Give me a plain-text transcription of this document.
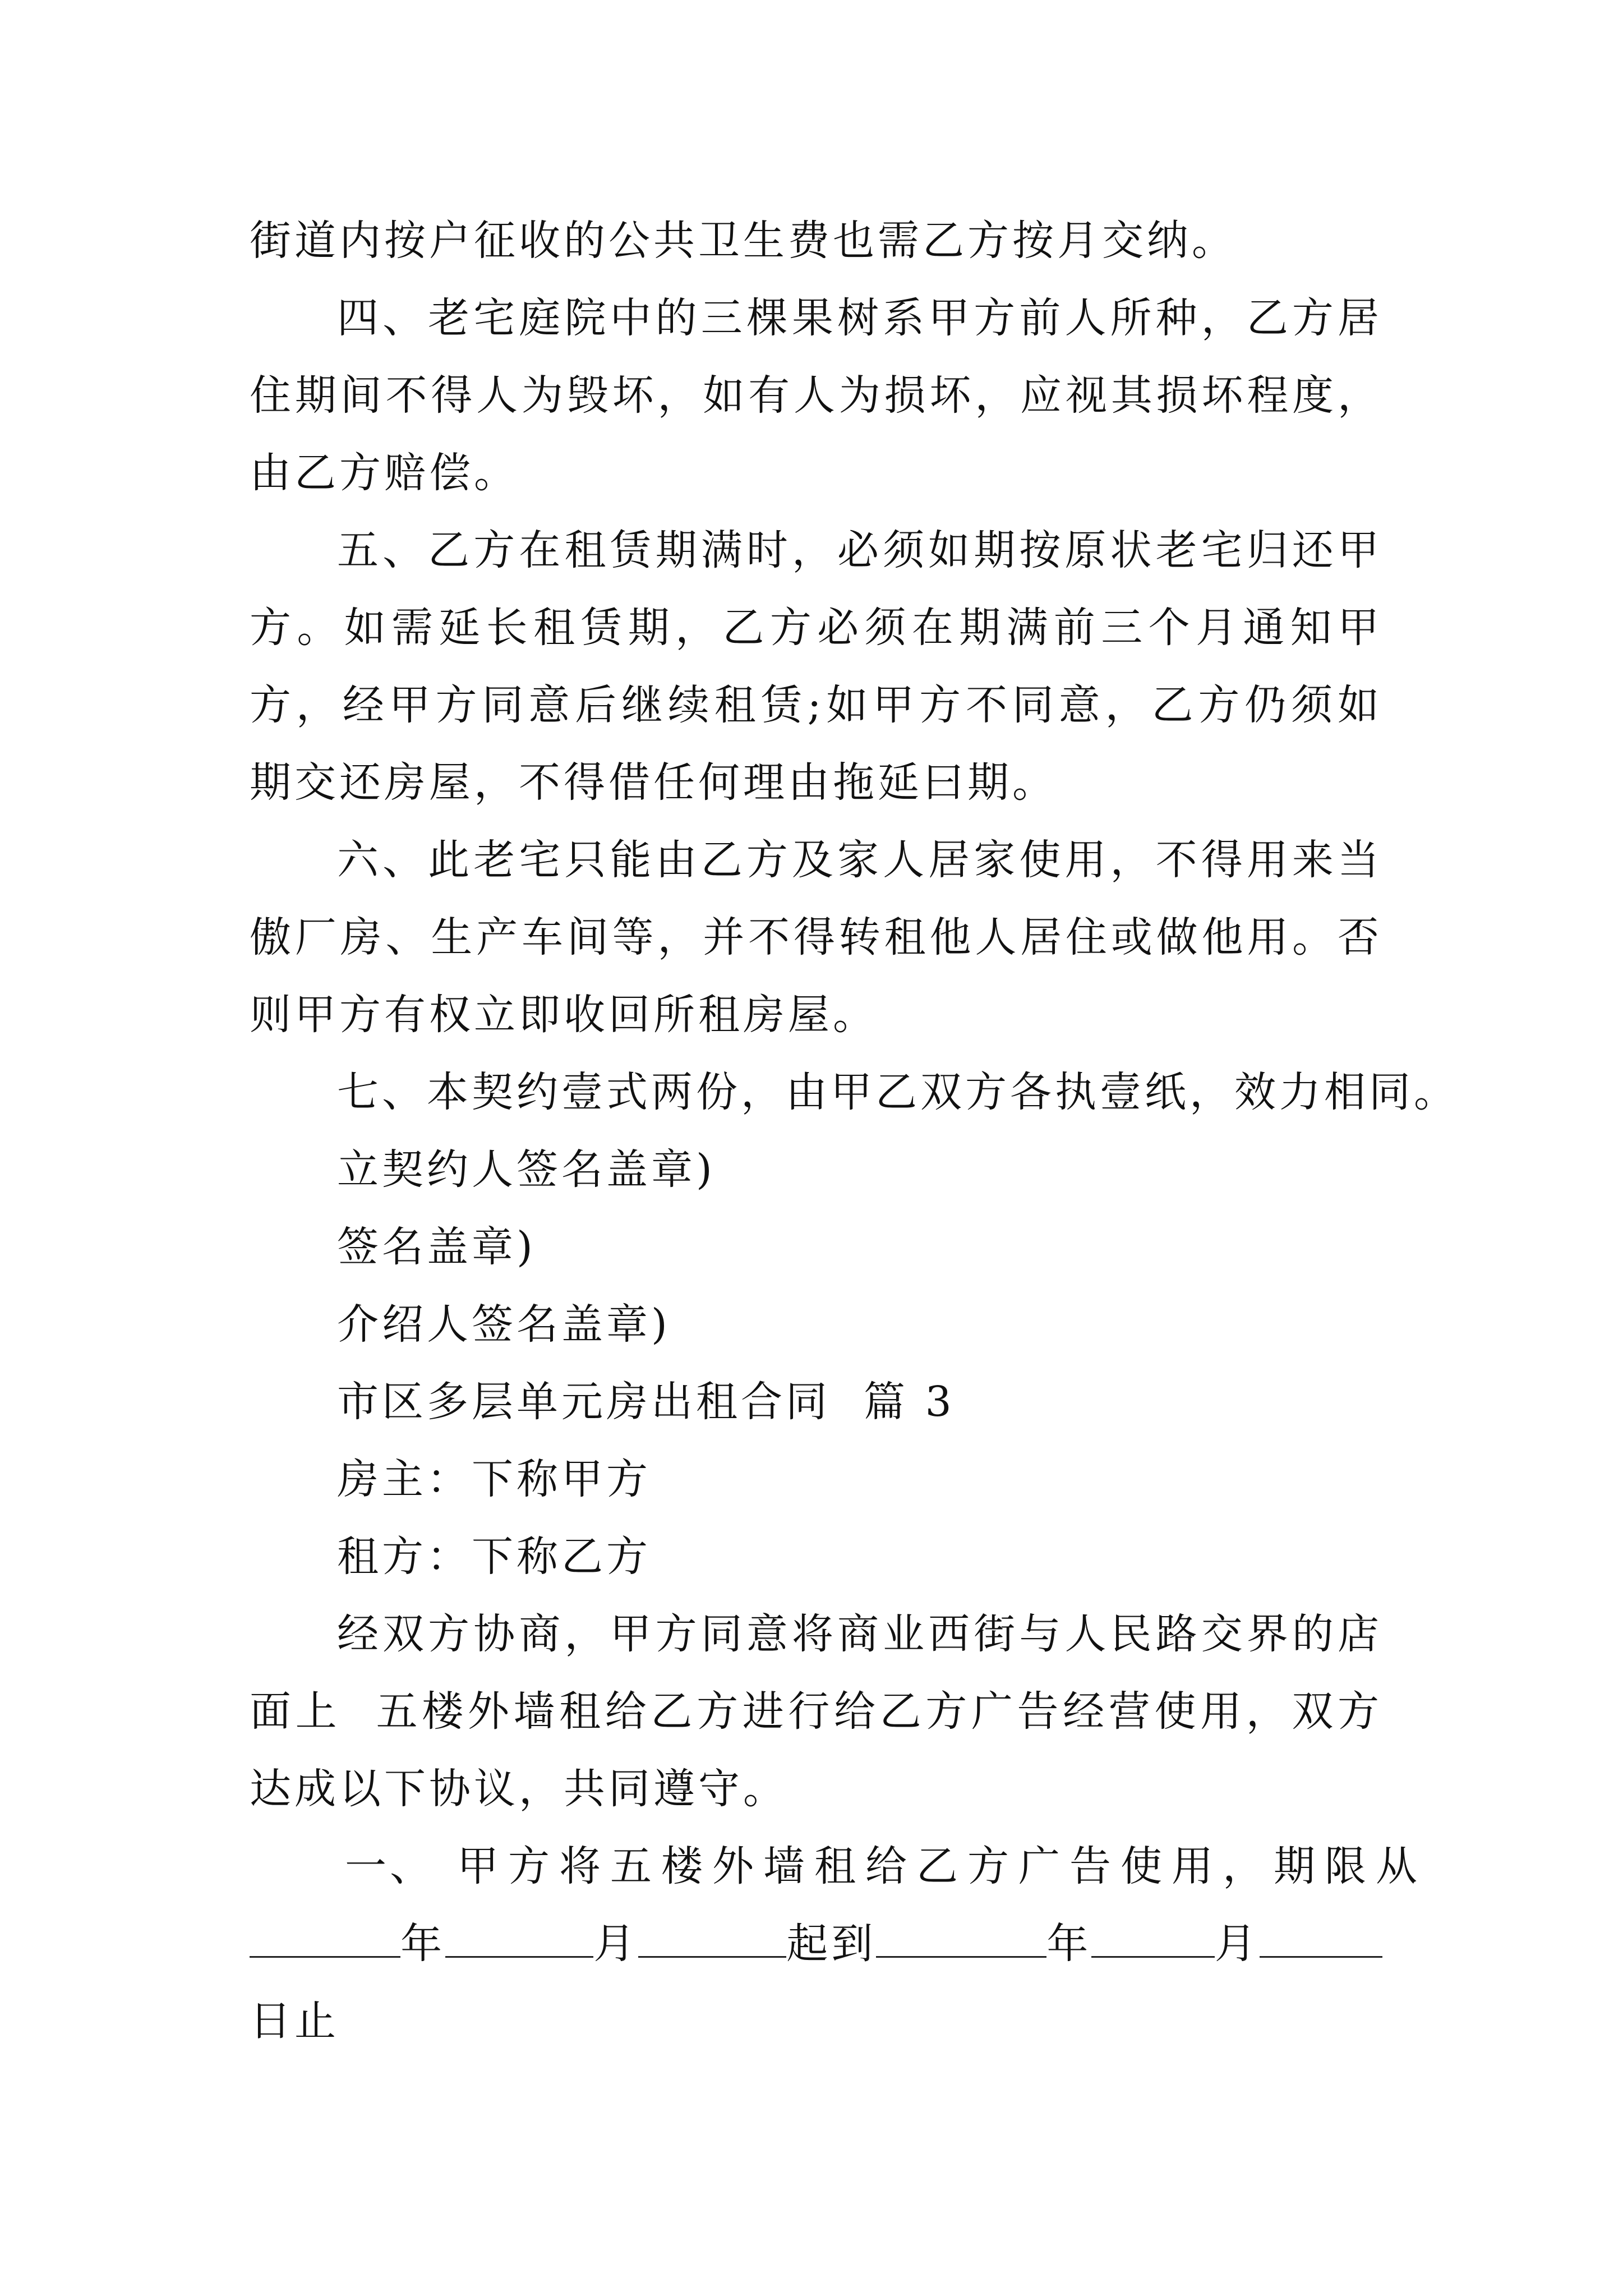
街道内按户征收的公共卫生费也需乙方按月交纳。

四、老宅庭院中的三棵果树系甲方前人所种，乙方居住期间不得人为毁坏，如有人为损坏，应视其损坏程度，由乙方赔偿。

五、乙方在租赁期满时，必须如期按原状老宅归还甲方。如需延长租赁期，乙方必须在期满前三个月通知甲方，经甲方同意后继续租赁;如甲方不同意，乙方仍须如期交还房屋，不得借任何理由拖延曰期。

六、此老宅只能由乙方及家人居家使用，不得用来当傲厂房、生产车间等，并不得转租他人居住或做他用。否则甲方有权立即收回所租房屋。

七、本契约壹式两份，由甲乙双方各执壹纸，效力相同。

立契约人签名盖章)

签名盖章)

介绍人签名盖章)

市区多层单元房出租合同  篇 3

房主：下称甲方

租方：下称乙方

经双方协商，甲方同意将商业西街与人民路交界的店面上  五楼外墙租给乙方进行给乙方广告经营使用，双方达成以下协议，共同遵守。

一、 甲方将五楼外墙租给乙方广告使用，期限从

年	月	起到	年	月

日止
